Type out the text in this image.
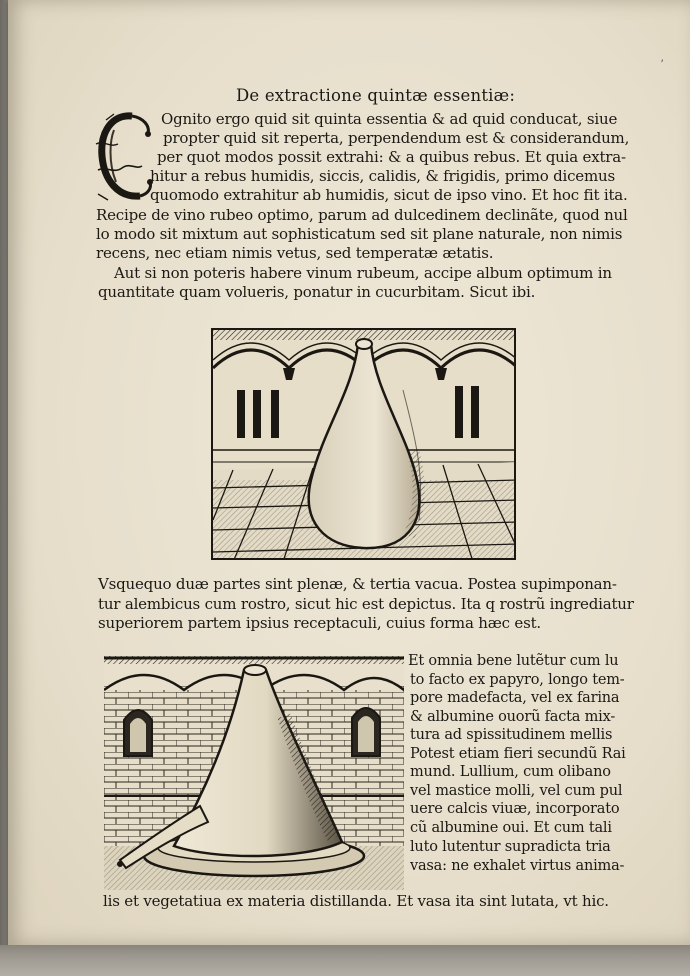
De extractione quintæ essentiæ:
Ognito ergo quid sit quinta essentia & ad quid conducat, siue
propter quid sit reperta, perpendendum est & considerandum,
per quot modos possit extrahi: & a quibus rebus. Et quia extra-
hitur a rebus humidis, siccis, calidis, & frigidis, primo dicemus
quomodo extrahitur ab humidis, sicut de ipso vino. Et hoc fit ita.
Recipe de vino rubeo optimo, parum ad dulcedinem declinãte, quod nul
lo modo sit mixtum aut sophisticatum sed sit plane naturale, non nimis
recens, nec etiam nimis vetus, sed temperatæ ætatis.
Aut si non poteris habere vinum rubeum, accipe album optimum in
quantitate quam volueris, ponatur in cucurbitam. Sicut ibi.
Vsquequo duæ partes sint plenæ, & tertia vacua. Postea supimponan-
tur alembicus cum rostro, sicut hic est depictus. Ita q rostrũ ingrediatur
superiorem partem ipsius receptaculi, cuius forma hæc est.
Et omnia bene lutẽtur cum lu
to facto ex papyro, longo tem-
pore madefacta, vel ex farina
& albumine ouorũ facta mix-
tura ad spissitudinem mellis
Potest etiam fieri secundũ Rai
mund. Lullium, cum olibano
vel mastice molli, vel cum pul
uere calcis viuæ, incorporato
cũ albumine oui. Et cum tali
luto lutentur supradicta tria
vasa: ne exhalet virtus anima-
lis et vegetatiua ex materia distillanda. Et vasa ita sint lutata, vt hic.
ʼ
